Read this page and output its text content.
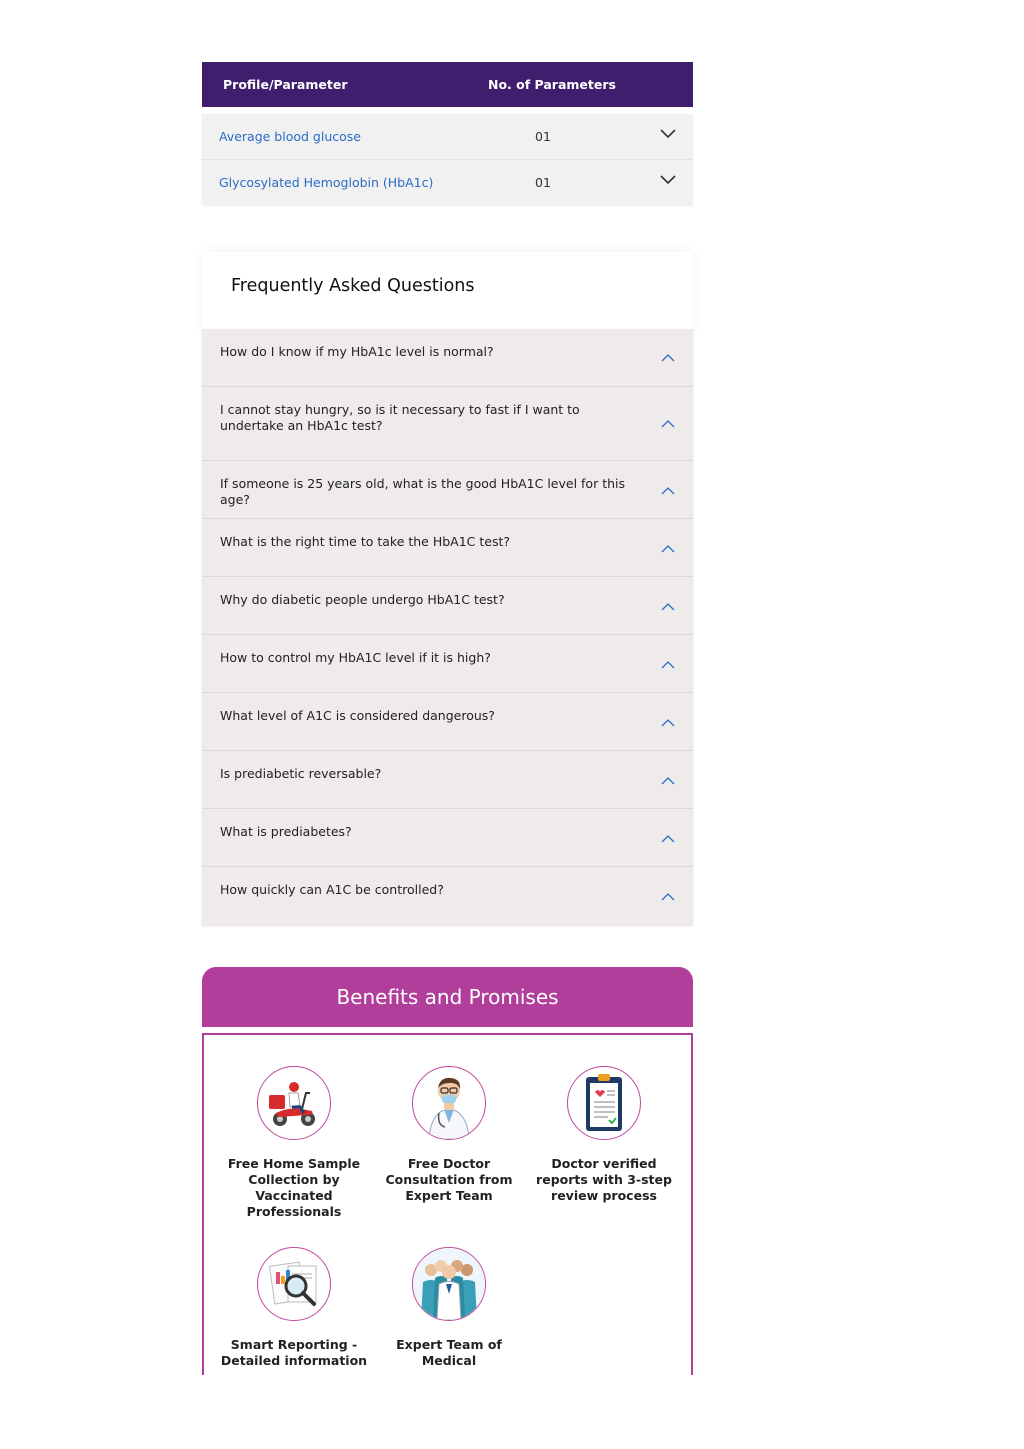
Profile/Parameter	No. of Parameters
Average blood glucose	01
Glycosylated Hemoglobin (HbA1c)	01
Frequently Asked Questions
How do I know if my HbA1c level is normal?
I cannot stay hungry, so is it necessary to fast if I want to undertake an HbA1c test?
If someone is 25 years old, what is the good HbA1C level for this age?
What is the right time to take the HbA1C test?
Why do diabetic people undergo HbA1C test?
How to control my HbA1C level if it is high?
What level of A1C is considered dangerous?
Is prediabetic reversable?
What is prediabetes?
How quickly can A1C be controlled?
Benefits and Promises
Free Home Sample Collection by Vaccinated Professionals
Free Doctor Consultation from Expert Team
Doctor verified reports with 3-step review process
Smart Reporting - Detailed information
Expert Team of Medical
